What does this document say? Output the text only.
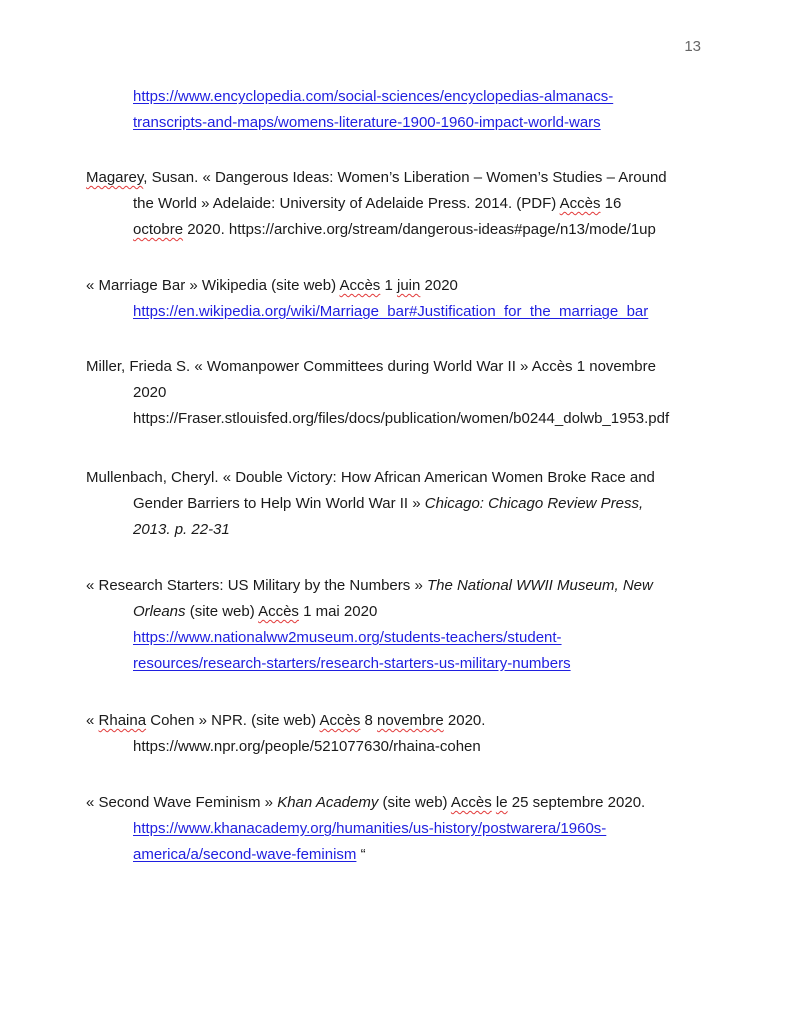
13
https://www.encyclopedia.com/social-sciences/encyclopedias-almanacs-
transcripts-and-maps/womens-literature-1900-1960-impact-world-wars
Magarey, Susan. « Dangerous Ideas: Women’s Liberation – Women’s Studies – Around
the World » Adelaide: University of Adelaide Press. 2014. (PDF) Accès 16
octobre 2020. https://archive.org/stream/dangerous-ideas#page/n13/mode/1up
« Marriage Bar » Wikipedia (site web) Accès 1 juin 2020
https://en.wikipedia.org/wiki/Marriage_bar#Justification_for_the_marriage_bar
Miller, Frieda S. « Womanpower Committees during World War II » Accès 1 novembre
2020
https://Fraser.stlouisfed.org/files/docs/publication/women/b0244_dolwb_1953.pdf
Mullenbach, Cheryl. « Double Victory: How African American Women Broke Race and
Gender Barriers to Help Win World War II » Chicago: Chicago Review Press,
2013. p. 22-31
« Research Starters: US Military by the Numbers » The National WWII Museum, New
Orleans (site web) Accès 1 mai 2020
https://www.nationalww2museum.org/students-teachers/student-
resources/research-starters/research-starters-us-military-numbers
« Rhaina Cohen » NPR. (site web) Accès 8 novembre 2020.
https://www.npr.org/people/521077630/rhaina-cohen
« Second Wave Feminism » Khan Academy (site web) Accès le 25 septembre 2020.
https://www.khanacademy.org/humanities/us-history/postwarera/1960s-
america/a/second-wave-feminism “
